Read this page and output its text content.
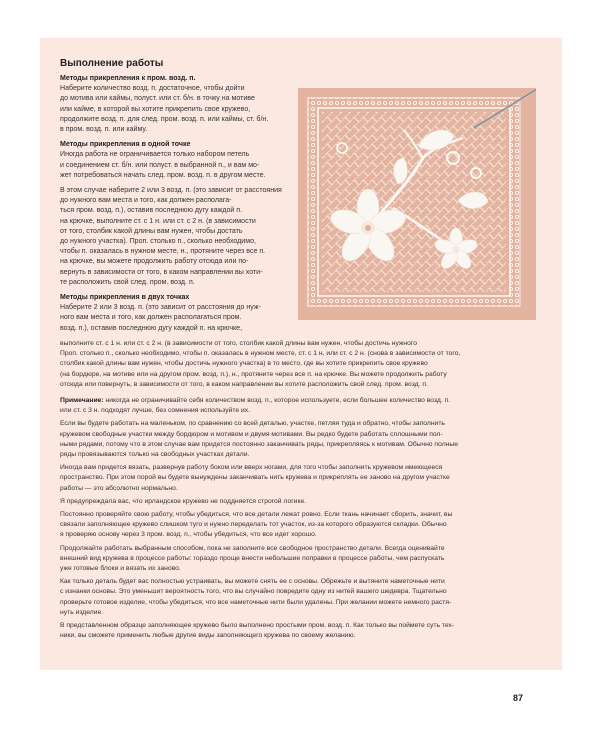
Выполнение работы

Методы прикрепления к пром. возд. п.

Наберите количество возд. п. достаточное, чтобы дойти

до мотива или каймы, полуст. или ст. б/н. в точку на мотиве

или кайме, в которой вы хотите прикрепить свое кружево,

продолжите возд. п. для след. пром. возд. п. или каймы, ст. б/н.

в пром. возд. п. или кайму.

Методы прикрепления в одной точке

Иногда работа не ограничивается только набором петель

и соединением ст. б/н. или полуст. в выбранной п., и вам мо-

жет потребоваться начать след. пром. возд. п. в другом месте.

В этом случае наберите 2 или 3 возд. п. (это зависит от расстояния

до нужного вам места и того, как должен располага-

ться пром. возд. п.), оставив последнюю дугу каждой п.

на крючке, выполните ст. с 1 н. или ст. с 2 н. (в зависимости

от того, столбик какой длины вам нужен, чтобы достать

до нужного участка). Проп. столько п., сколько необходимо,

чтобы п. оказалась в нужном месте, н., протяните через все п.

на крючке, вы можете продолжить работу отсюда или по-

вернуть в зависимости от того, в каком направлении вы хоти-

те расположить свой след. пром. возд. п.

Методы прикрепления в двух точках

Наберите 2 или 3 возд. п. (это зависит от расстояния до нуж-

ного вам места и того, как должен располагаться пром.

возд. п.), оставив последнюю дугу каждой п. на крючке,

выполните ст. с 1 н. или ст. с 2 н. (в зависимости от того, столбик какой длины вам нужен, чтобы достичь нужного

Проп. столько п., сколько необходимо, чтобы п. оказалась в нужном месте, ст. с 1 н. или ст. с 2 н. (снова в зависимости от того,

столбик какой длины вам нужен, чтобы достичь нужного участка) в то место, где вы хотите прикрепить свое кружево

(на бордюре, на мотиве или на другом пром. возд. п.), н., протяните через все п. на крючке. Вы можете продолжить работу

отсюда или повернуть, в зависимости от того, в каком направлении вы хотите расположить свой след. пром. возд. п.

Примечание: никогда не ограничивайте себя количеством возд. п., которое используете, если большее количество возд. п.

или ст. с 3 н. подходят лучше, без сомнения используйте их.

Если вы будете работать на маленьком, по сравнению со всей деталью, участке, петляя туда и обратно, чтобы заполнить

кружевом свободные участки между бордюром и мотивом и двумя мотивами. Вы редко будете работать сплошными пол-

ными рядами, потому что в этом случае вам придется постоянно заканчивать ряды, прикрепляясь к мотивам. Обычно полные

ряды провязываются только на свободных участках детали.

Иногда вам придется вязать, развернув работу боком или вверх ногами, для того чтобы заполнить кружевом имеющееся

пространство. При этом порой вы будете вынуждены заканчивать нить кружева и прикреплять ее заново на другом участке

работы — это абсолютно нормально.

Я предупреждала вас, что ирландское кружево не поддняется строгой логике.

Постоянно проверяйте свою работу, чтобы убедиться, что все детали лежат ровно. Если ткань начинает сборить, значит, вы

связали заполняющее кружево слишком туго и нужно переделать тот участок, из-за которого образуются складки. Обычно

я проверяю основу через 3 пром. возд. п., чтобы убедиться, что все идет хорошо.

Продолжайте работать выбранным способом, пока не заполните все свободное пространство детали. Всегда оценивайте

внешний вид кружева в процессе работы: гораздо проще внести небольшие поправки в процессе работы, чем распускать

уже готовые блоки и вязать их заново.

Как только деталь будет вас полностью устраивать, вы можете снять ее с основы. Обрежьте и вытяните наметочные нити

с изнанки основы. Это уменьшит вероятность того, что вы случайно повредите одну из нитей вашего шедевра. Тщательно

проверьте готовое изделие, чтобы убедиться, что все наметочные нити были удалены. При желании можете немного растя-

нуть изделие.

В представленном образце заполняющее кружево было выполнено простыми пром. возд. п. Как только вы поймете суть тех-

ники, вы сможете применить любые другие виды заполняющего кружева по своему желанию.

87
